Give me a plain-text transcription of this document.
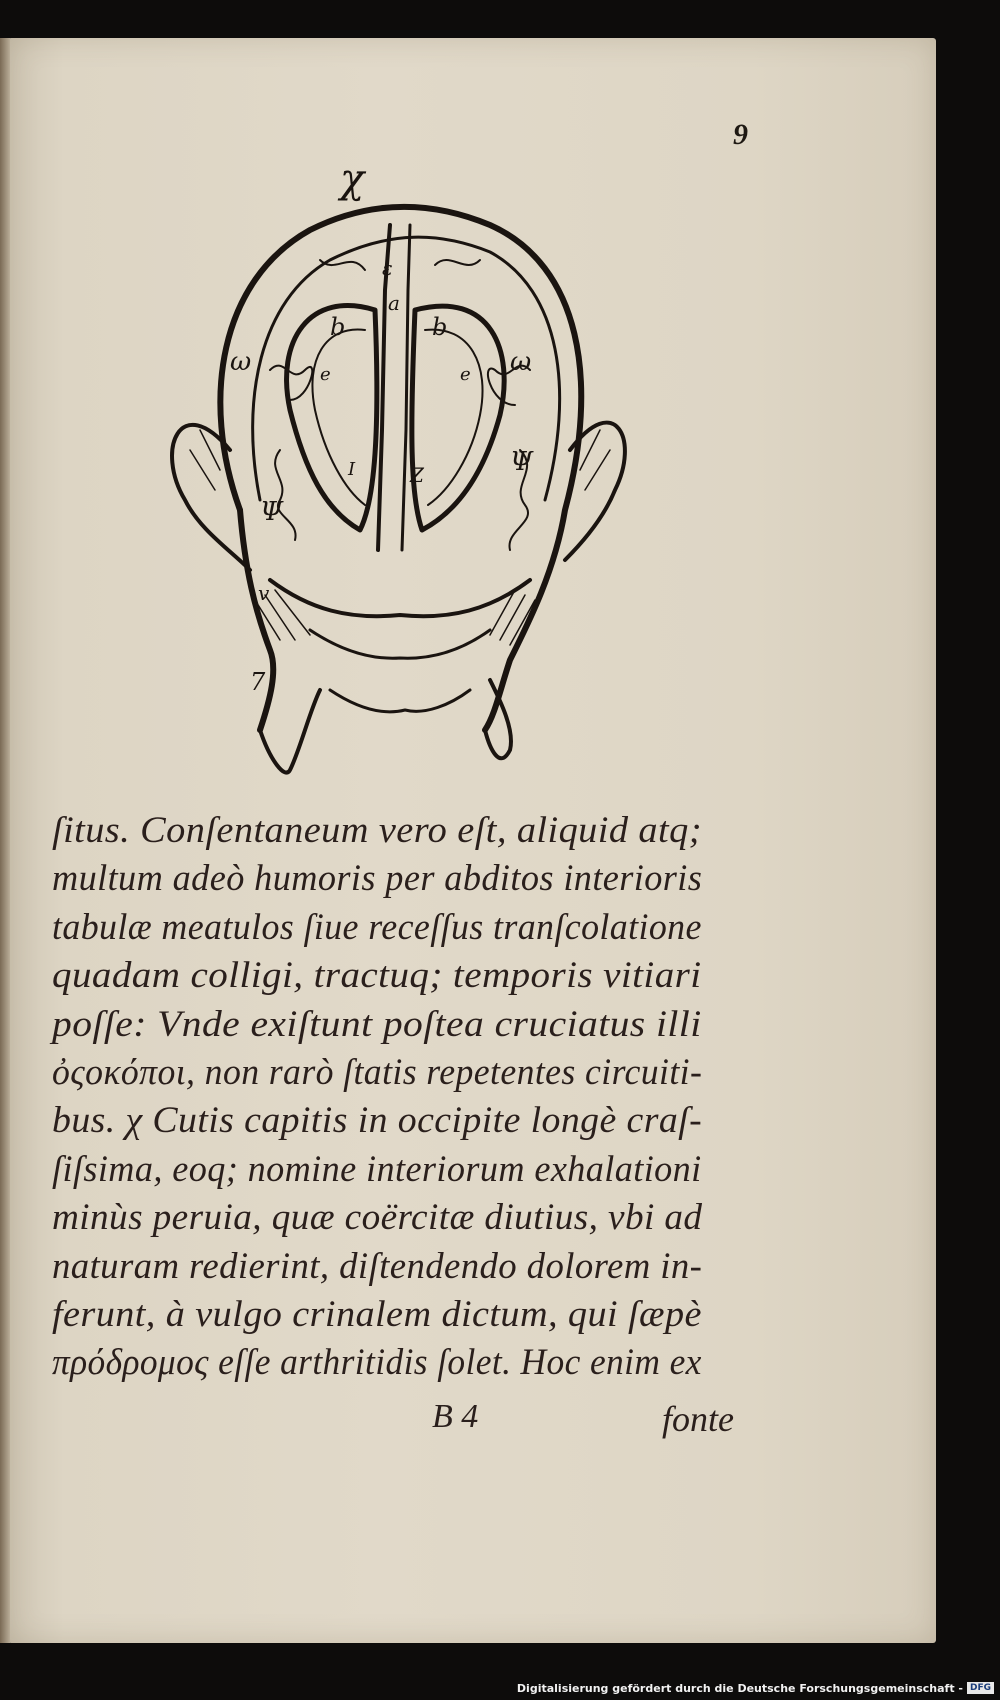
9
χ
ε
a
b	b
ω	ω
e	e
I	Z
Ψ
Ψ
v
7
ſitus. Conſentaneum vero eſt, aliquid atq;
multum adeò humoris per abditos interioris
tabulæ meatulos ſiue receſſus tranſcolatione
quadam colligi, tractuq; temporis vitiari
poſſe: Vnde exiſtunt poſtea cruciatus illi
ὀςοκόποι, non rarò ſtatis repetentes circuiti-
bus. χ Cutis capitis in occipite longè craſ-
ſiſsima, eoq; nomine interiorum exhalationi
minùs peruia, quæ coërcitæ diutius, vbi ad
naturam redierint, diſtendendo dolorem in-
ferunt, à vulgo crinalem dictum, qui ſæpè
πρόδρομος eſſe arthritidis ſolet. Hoc enim ex
B 4	fonte
Digitalisierung gefördert durch die Deutsche Forschungsgemeinschaft - DFG
